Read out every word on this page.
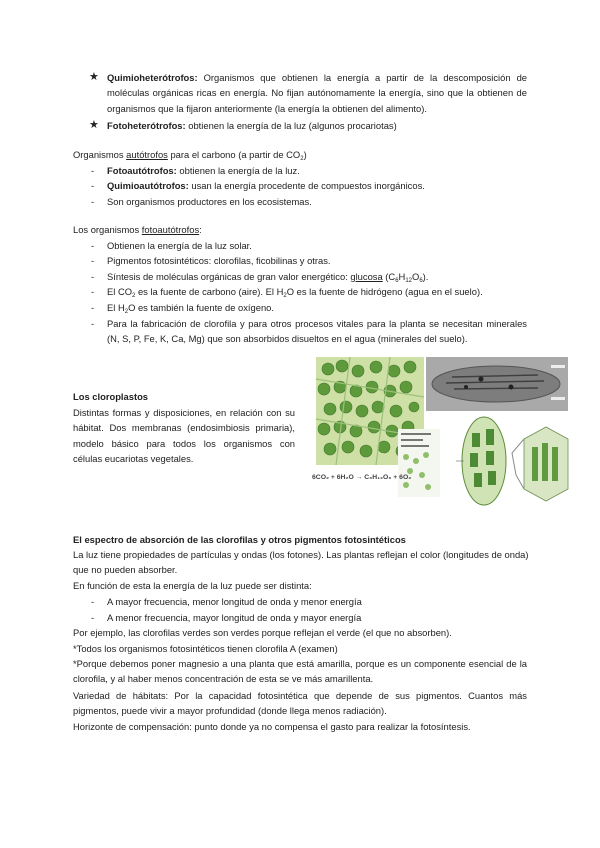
★ Quimioheterótrofos: Organismos que obtienen la energía a partir de la descomposición de moléculas orgánicas ricas en energía. No fijan autónomamente la energía, sino que la obtienen de organismos que la fijaron anteriormente (la energía la obtienen del alimento).
★ Fotoheterótrofos: obtienen la energía de la luz (algunos procariotas)
Organismos autótrofos para el carbono (a partir de $CO_2$)
- Fotoautótrofos: obtienen la energía de la luz.
- Quimioautótrofos: usan la energía procedente de compuestos inorgánicos.
- Son organismos productores en los ecosistemas.
Los organismos fotoautótrofos:
- Obtienen la energía de la luz solar.
- Pigmentos fotosintéticos: clorofilas, ficobilinas y otras.
- Síntesis de moléculas orgánicas de gran valor energético: glucosa $(C_6H_{12}O_6)$.
- El $CO_2$ es la fuente de carbono (aire). El $H_2O$ es la fuente de hidrógeno (agua en el suelo).
- El $H_2O$ es también la fuente de oxígeno.
- Para la fabricación de clorofila y para otros procesos vitales para la planta se necesitan minerales (N, S, P, Fe, K, Ca, Mg) que son absorbidos disueltos en el agua (minerales del suelo).
Los cloroplastos
Distintas formas y disposiciones, en relación con su hábitat. Dos membranas (endosimbiosis primaria), modelo básico para todos los organismos con células eucariotas vegetales.
6CO₂ + 6H₂O → C₆H₁₂O₆ + 6O₂
El espectro de absorción de las clorofilas y otros pigmentos fotosintéticos
La luz tiene propiedades de partículas y ondas (los fotones). Las plantas reflejan el color (longitudes de onda) que no pueden absorber.
En función de esta la energía de la luz puede ser distinta:
- A mayor frecuencia, menor longitud de onda y menor energía
- A menor frecuencia, mayor longitud de onda y mayor energía
Por ejemplo, las clorofilas verdes son verdes porque reflejan el verde (el que no absorben).
*Todos los organismos fotosintéticos tienen clorofila A (examen)
*Porque debemos poner magnesio a una planta que está amarilla, porque es un componente esencial de la clorofila, y al haber menos concentración de esta se ve más amarillenta.
Variedad de hábitats: Por la capacidad fotosintética que depende de sus pigmentos. Cuantos más pigmentos, puede vivir a mayor profundidad (donde llega menos radiación).
Horizonte de compensación: punto donde ya no compensa el gasto para realizar la fotosíntesis.
